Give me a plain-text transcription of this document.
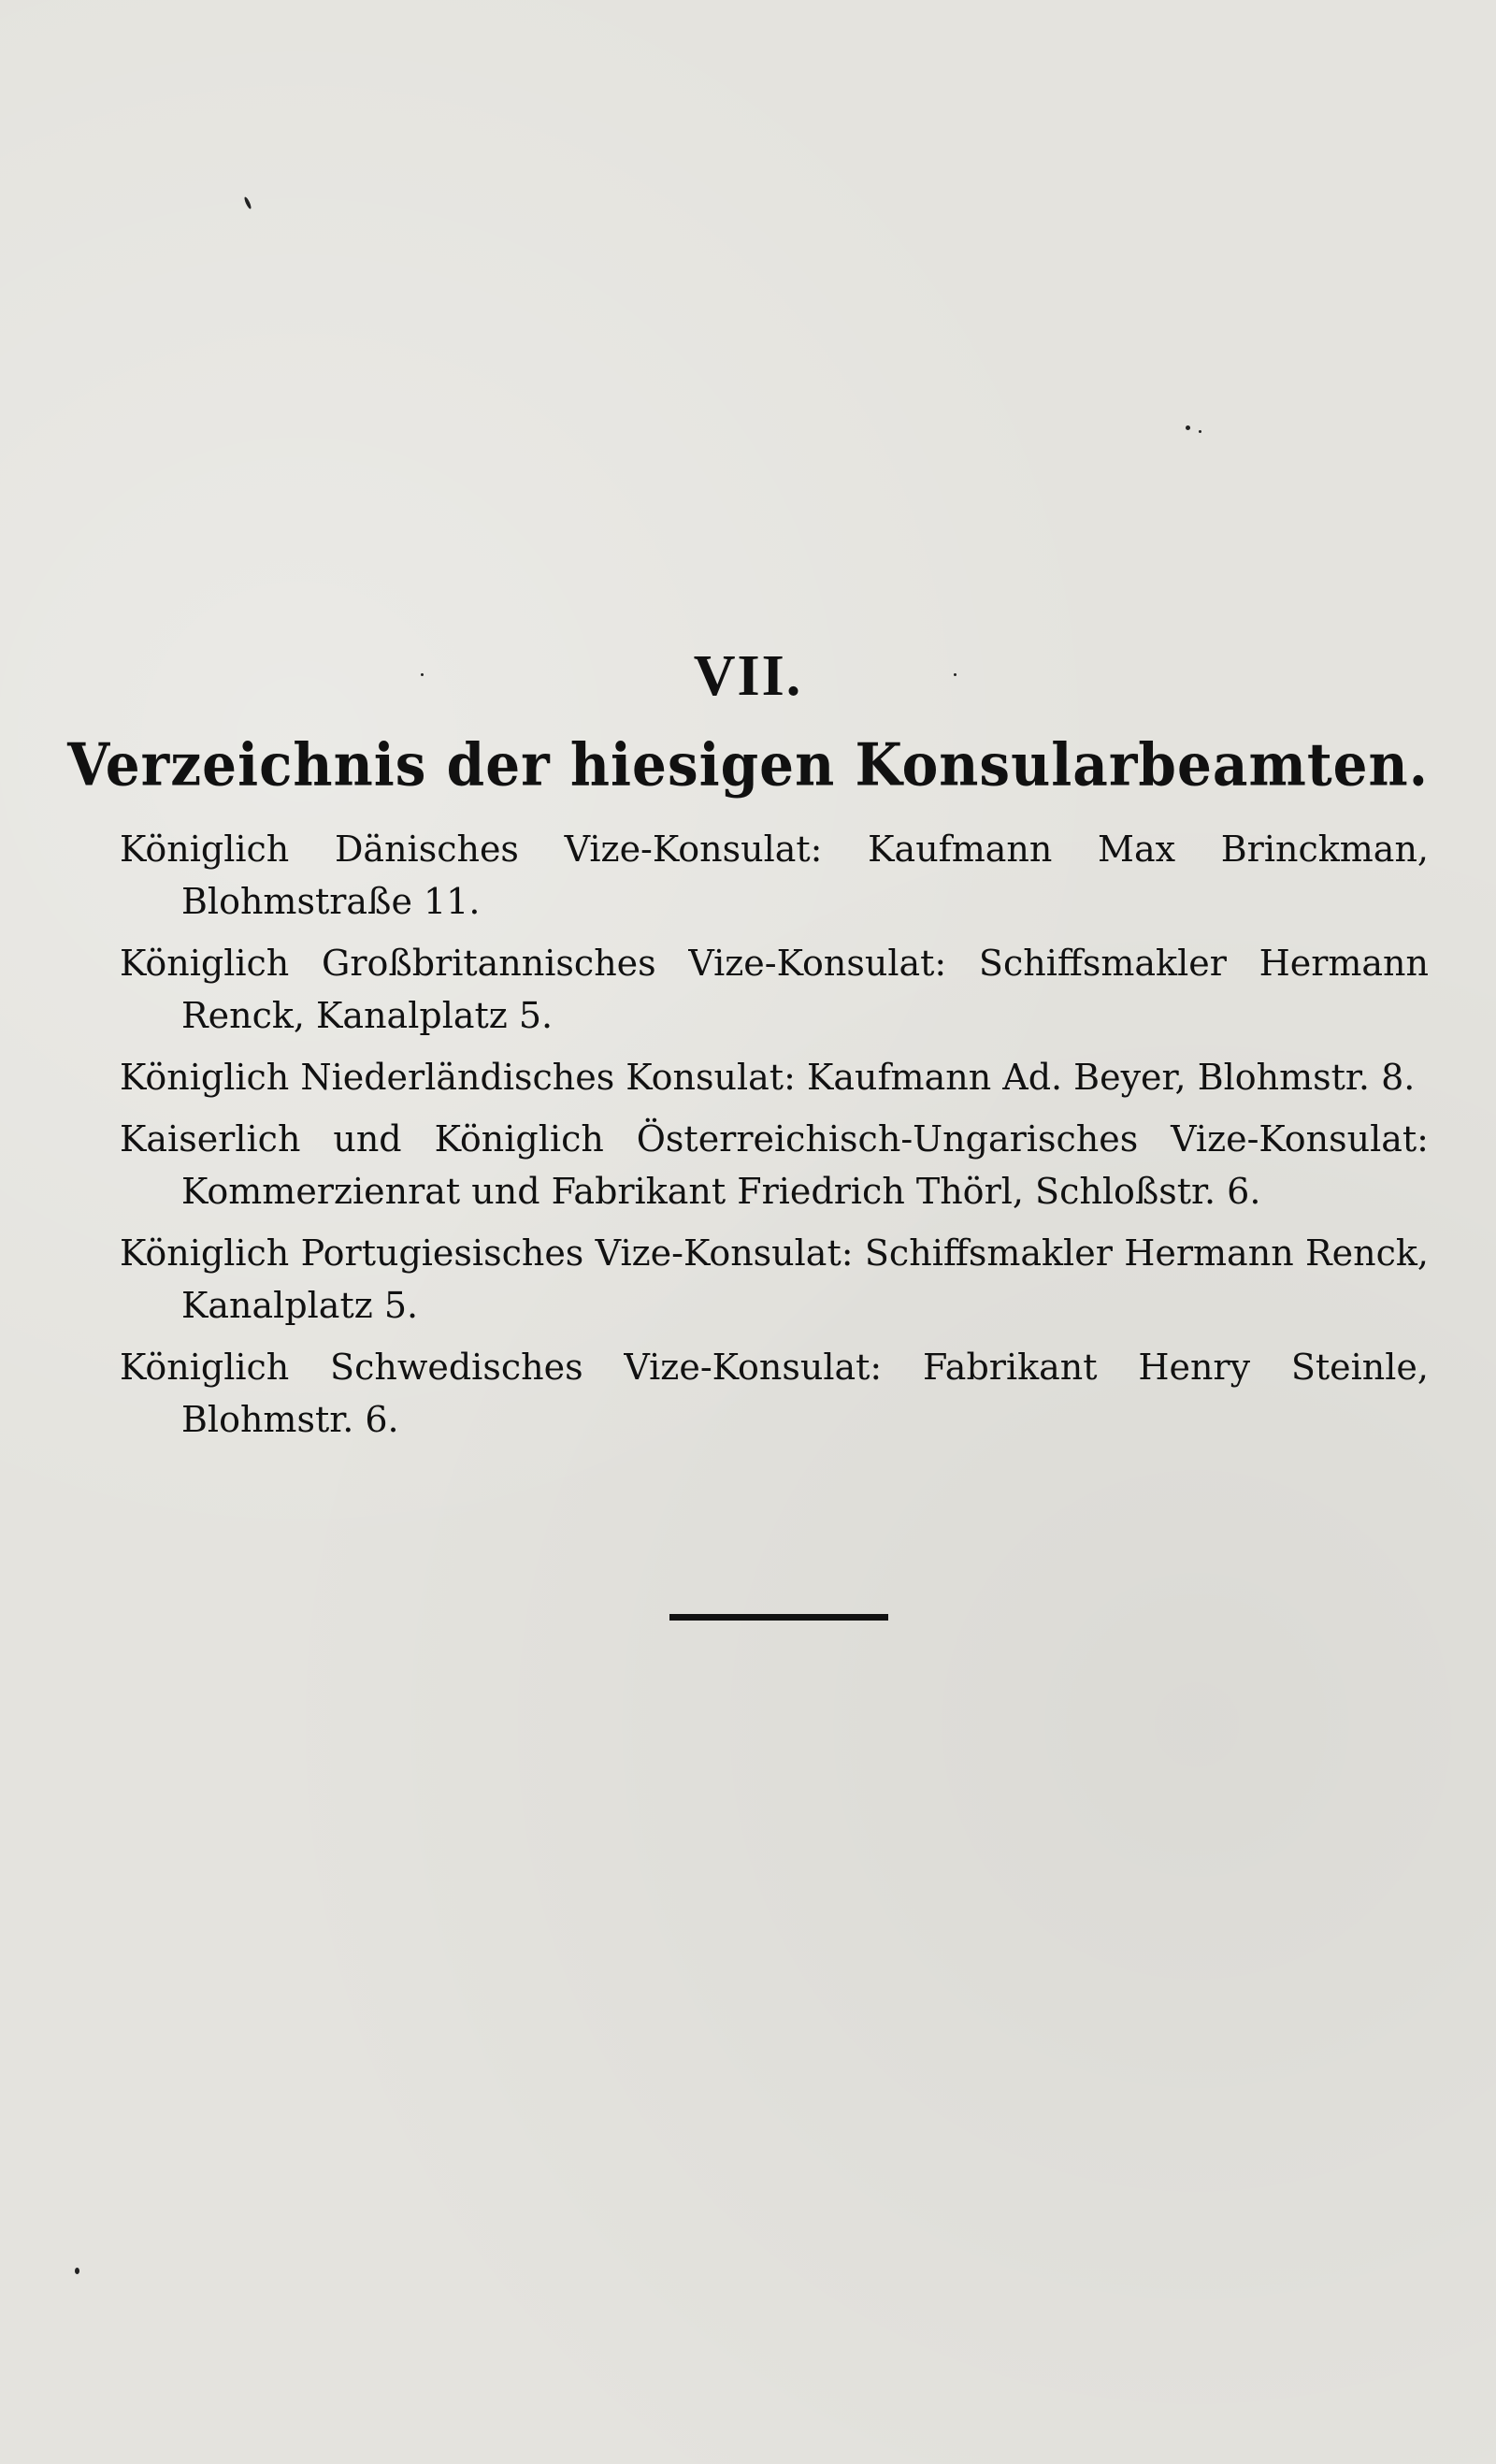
VII.
Verzeichnis der hiesigen Konsularbeamten.
Königlich Dänisches Vize-Konsulat: Kaufmann Max Brinckman, Blohmstraße 11.
Königlich Großbritannisches Vize-Konsulat: Schiffsmakler Hermann Renck, Kanalplatz 5.
Königlich Niederländisches Konsulat: Kaufmann Ad. Beyer, Blohmstr. 8.
Kaiserlich und Königlich Österreichisch-Ungarisches Vize-Konsulat: Kommerzienrat und Fabrikant Friedrich Thörl, Schloßstr. 6.
Königlich Portugiesisches Vize-Konsulat: Schiffsmakler Hermann Renck, Kanalplatz 5.
Königlich Schwedisches Vize-Konsulat: Fabrikant Henry Steinle, Blohmstr. 6.
